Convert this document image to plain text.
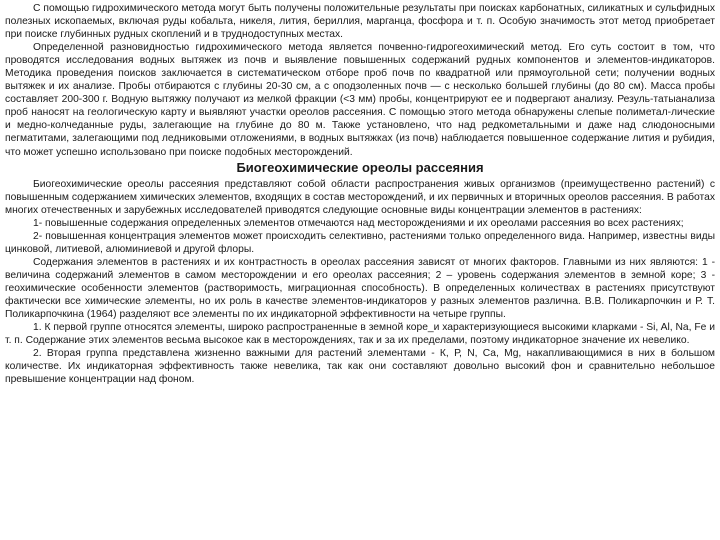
С помощью гидрохимического метода могут быть получены положительные результаты при поисках карбонатных, силикатных и сульфидных полезных ископаемых, включая руды кобальта, никеля, лития, бериллия, марганца, фосфора и т. п. Особую значимость этот метод приобретает при поиске глубинных рудных скоплений и в труднодоступных местах.

Определенной разновидностью гидрохимического метода является почвенно-гидрогеохимический метод. Его суть состоит в том, что проводятся исследования водных вытяжек из почв и выявление повышенных содержаний рудных компонентов и элементов-индикаторов. Методика проведения поисков заключается в систематическом отборе проб почв по квадратной или прямоугольной сети; получении водных вытяжек и их анализе. Пробы отбираются с глубины 20-30 см, а с оподзоленных почв — с несколько большей глубины (до 80 см). Масса пробы составляет 200-300 г. Водную вытяжку получают из мелкой фракции (<3 мм) пробы, концентрируют ее и подвергают анализу. Резуль-татыанализа проб наносят на геологическую карту и выявляют участки ореолов рассеяния. С помощью этого метода обнаружены слепые полиметал-лические и медно-колчеданные руды, залегающие на глубине до 80 м. Также установлено, что над редкометальными и даже над слюдоносными пегматитами, залегающими под ледниковыми отложениями, в водных вытяжках (из почв) наблюдается повышенное содержание лития и рубидия, что может успешно использовано при поиске подобных месторождений.

Биогеохимические ореолы рассеяния

Биогеохимические ореолы рассеяния представляют собой области распространения живых организмов (преимущественно растений) с повышенным содержанием химических элементов, входящих в состав месторождений, и их первичных и вторичных ореолов рассеяния. В работах многих отечественных и зарубежных исследователей приводятся следующие основные виды концентрации элементов в растениях:

1- повышенные содержания определенных элементов отмечаются над месторождениями и их ореолами рассеяния во всех растениях;

2- повышенная концентрация элементов может происходить селективно, растениями только определенного вида. Например, известны виды цинковой, литиевой, алюминиевой и другой флоры.

Содержания элементов в растениях и их контрастность в ореолах рассеяния зависят от многих факторов. Главными из них являются: 1 - величина содержаний элементов в самом месторождении и его ореолах рассеяния; 2 – уровень содержания элементов в земной коре; 3 - геохимические особенности элементов (растворимость, миграционная способность). В определенных количествах в растениях присутствуют фактически все химические элементы, но их роль в качестве элементов-индикаторов у разных элементов различна. В.В. Поликарпочкин и Р. Т. Поликарпочкина (1964) разделяют все элементы по их индикаторной эффективности на четыре группы.

1. К первой группе относятся элементы, широко распространенные в земной коре_и характеризующиеся высокими кларками - Si, Al, Na, Fe и т. п. Содержание этих элементов весьма высокое как в месторождениях, так и за их пределами, поэтому индикаторное значение их невелико.

2. Вторая группа представлена жизненно важными для растений элементами - К, Р, N, Ca, Mg, накапливающимися в них в большом количестве. Их индикаторная эффективность также невелика, так как они составляют довольно высокий фон и сравнительно небольшое превышение концентрации над фоном.
